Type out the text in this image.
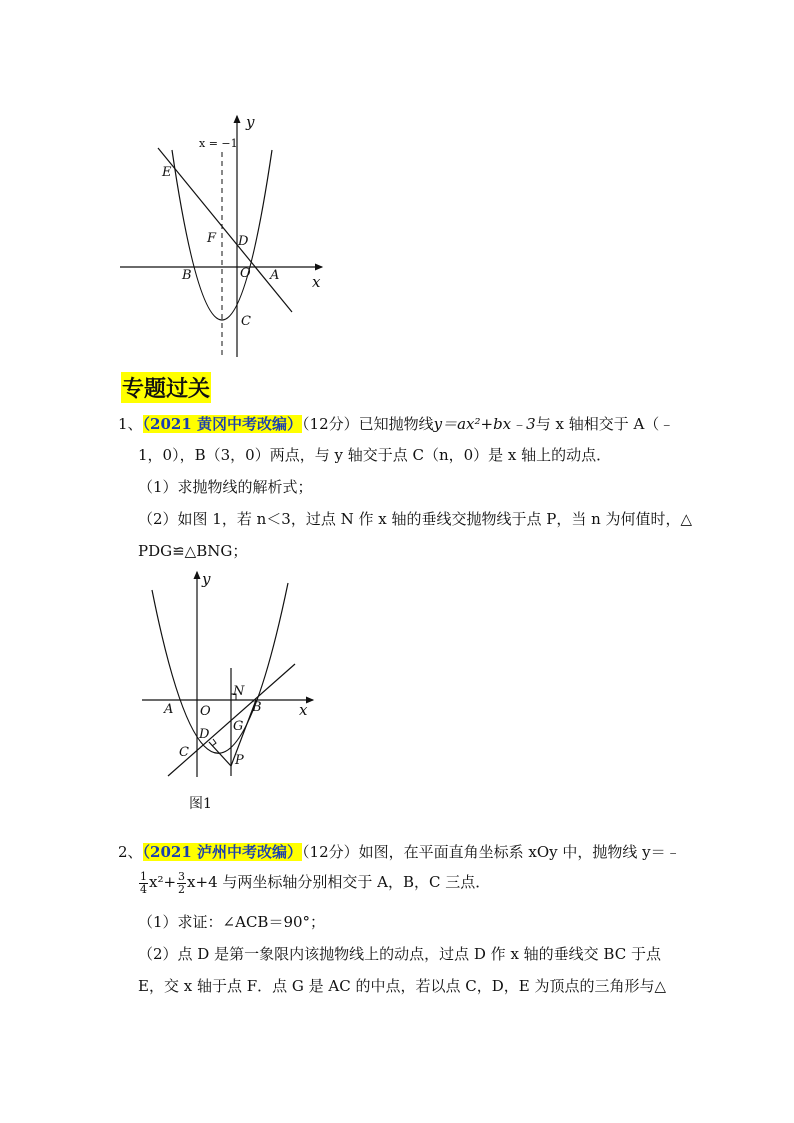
y
x
x = −1
E
F D
B	O A
C
专题过关
1、（2021 黄冈中考改编）（12分）已知抛物线y＝ax²+bx﹣3与 x 轴相交于 A（﹣
1，0），B（3，0）两点，与 y 轴交于点 C（n，0）是 x 轴上的动点．
（1）求抛物线的解析式；
（2）如图 1，若 n＜3，过点 N 作 x 轴的垂线交抛物线于点 P，当 n 为何值时，△
PDG≌△BNG；
y
x
A O
N
B
D
G
C
P
图1
2、（2021 泸州中考改编）（12分）如图，在平面直角坐标系 xOy 中，抛物线 y＝﹣
$\frac{1}{4} x^2+ \frac{3}{2} x+4$ 与两坐标轴分别相交于 A，B，C 三点．
（1）求证：∠ACB＝90°；
（2）点 D 是第一象限内该抛物线上的动点，过点 D 作 x 轴的垂线交 BC 于点
E，交 x 轴于点 F．点 G 是 AC 的中点，若以点 C，D，E 为顶点的三角形与△
